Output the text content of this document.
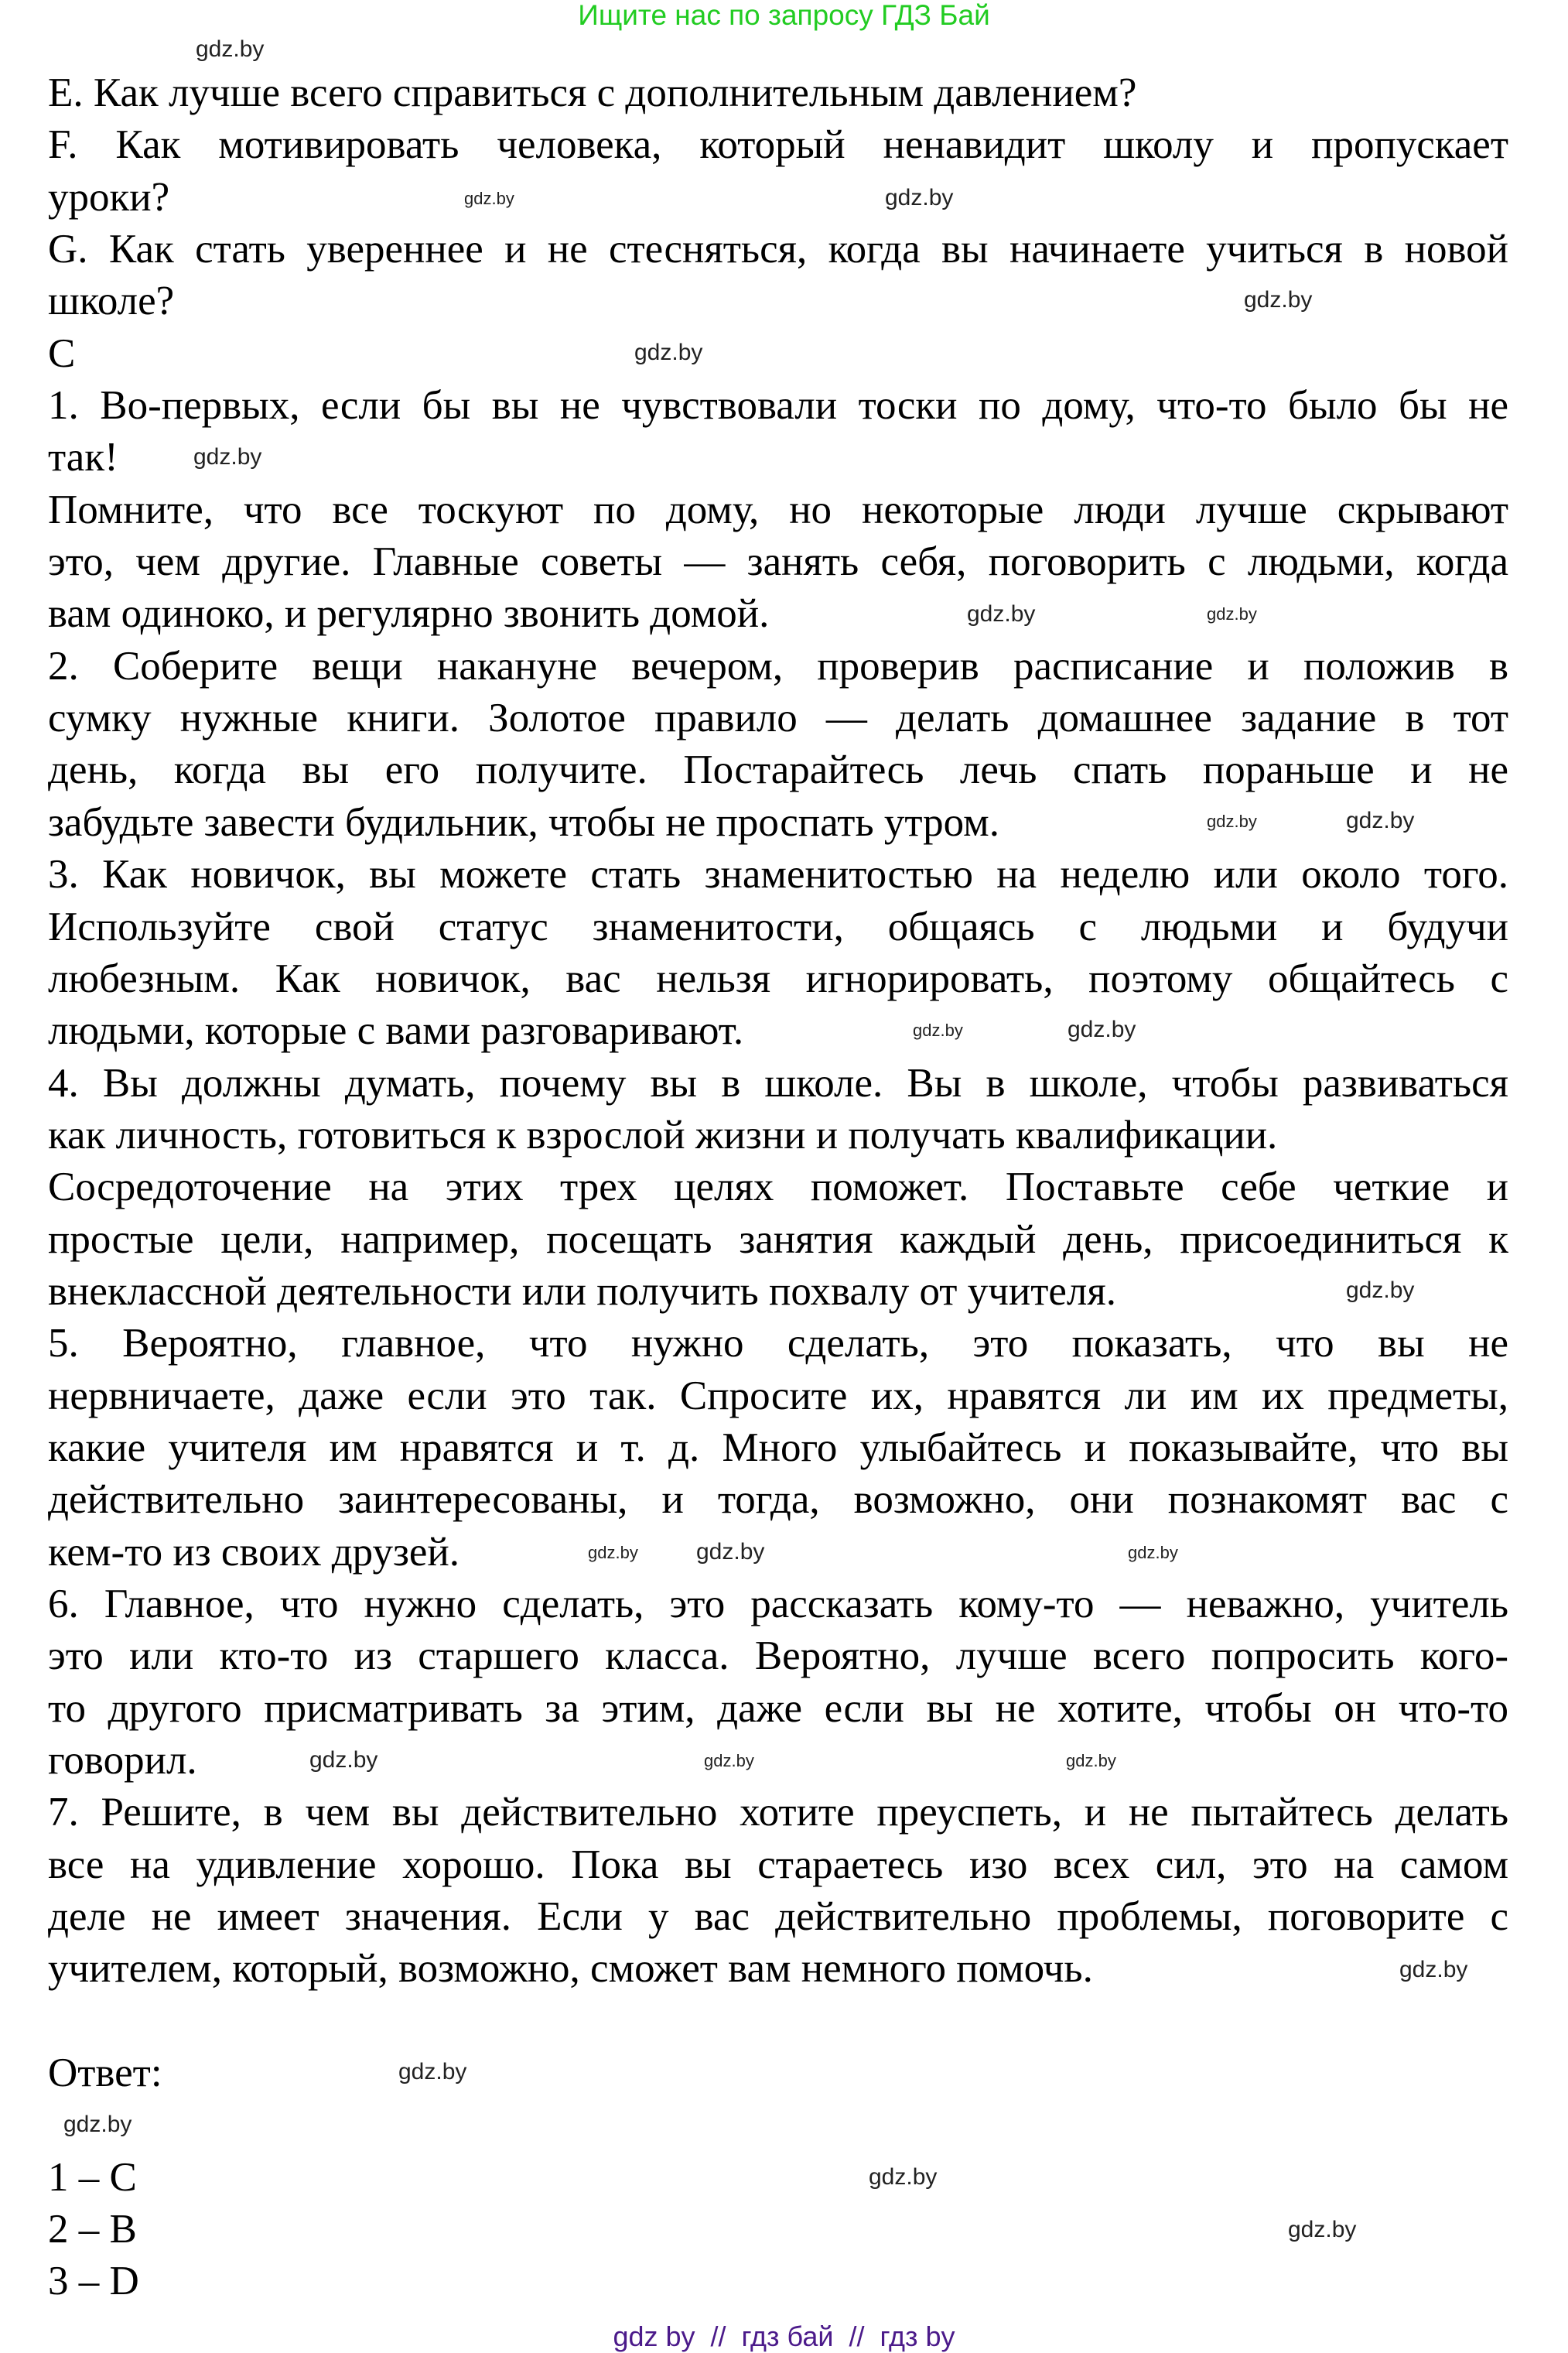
Ищите нас по запросу ГДЗ Бай
E. Как лучше всего справиться с дополнительным давлением?
F. Как мотивировать человека, который ненавидит школу и пропускает
уроки?
G. Как стать увереннее и не стесняться, когда вы начинаете учиться в новой
школе?
C
1. Во-первых, если бы вы не чувствовали тоски по дому, что-то было бы не
так!
Помните, что все тоскуют по дому, но некоторые люди лучше скрывают
это, чем другие. Главные советы — занять себя, поговорить с людьми, когда
вам одиноко, и регулярно звонить домой.
2. Соберите вещи накануне вечером, проверив расписание и положив в
сумку нужные книги. Золотое правило — делать домашнее задание в тот
день, когда вы его получите. Постарайтесь лечь спать пораньше и не
забудьте завести будильник, чтобы не проспать утром.
3. Как новичок, вы можете стать знаменитостью на неделю или около того.
Используйте свой статус знаменитости, общаясь с людьми и будучи
любезным. Как новичок, вас нельзя игнорировать, поэтому общайтесь с
людьми, которые с вами разговаривают.
4. Вы должны думать, почему вы в школе. Вы в школе, чтобы развиваться
как личность, готовиться к взрослой жизни и получать квалификации.
Сосредоточение на этих трех целях поможет. Поставьте себе четкие и
простые цели, например, посещать занятия каждый день, присоединиться к
внеклассной деятельности или получить похвалу от учителя.
5. Вероятно, главное, что нужно сделать, это показать, что вы не
нервничаете, даже если это так. Спросите их, нравятся ли им их предметы,
какие учителя им нравятся и т. д. Много улыбайтесь и показывайте, что вы
действительно заинтересованы, и тогда, возможно, они познакомят вас с
кем-то из своих друзей.
6. Главное, что нужно сделать, это рассказать кому-то — неважно, учитель
это или кто-то из старшего класса. Вероятно, лучше всего попросить кого-
то другого присматривать за этим, даже если вы не хотите, чтобы он что-то
говорил.
7. Решите, в чем вы действительно хотите преуспеть, и не пытайтесь делать
все на удивление хорошо. Пока вы стараетесь изо всех сил, это на самом
деле не имеет значения. Если у вас действительно проблемы, поговорите с
учителем, который, возможно, сможет вам немного помочь.
Ответ:
1 – C
2 – B
3 – D
gdz.by
gdz.by
gdz.by
gdz.by
gdz.by
gdz.by
gdz.by	gdz.by
gdz.by	gdz.by
gdz.by	gdz.by
gdz.by
gdz.by	gdz.by	gdz.by
gdz.by
gdz.by
gdz.by
gdz.by
gdz.by
gdz.by
gdz.by
gdz.by
gdz by  //  гдз бай  //  гдз by
